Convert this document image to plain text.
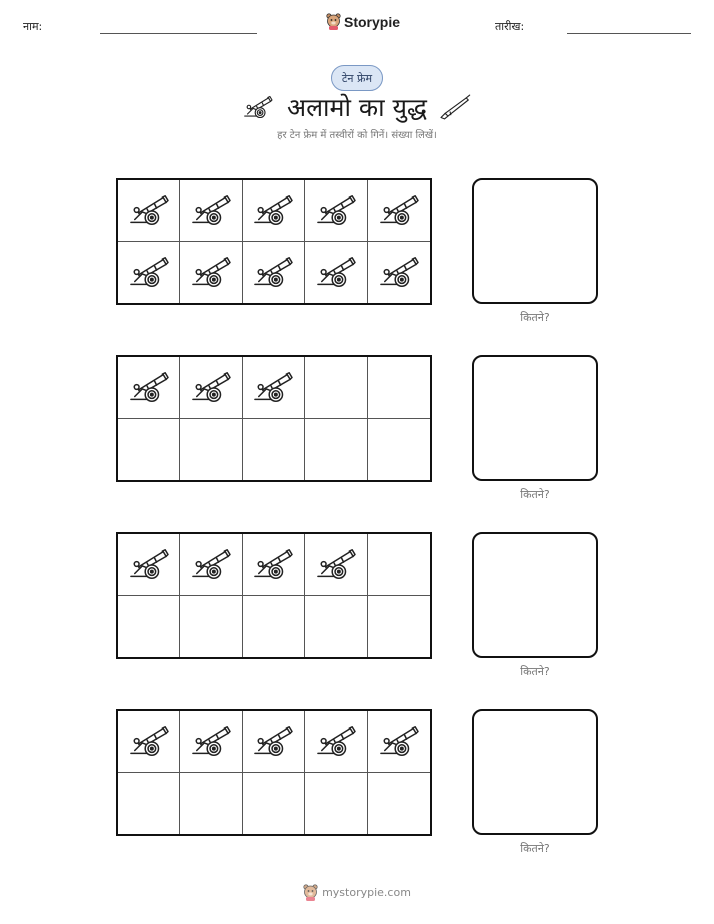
नाम:	Storypie	तारीख:
टेन फ्रेम
अलामो का युद्ध
हर टेन फ्रेम में तस्वीरों को गिनें। संख्या लिखें।
कितने?
कितने?
कितने?
कितने?
mystorypie.com
